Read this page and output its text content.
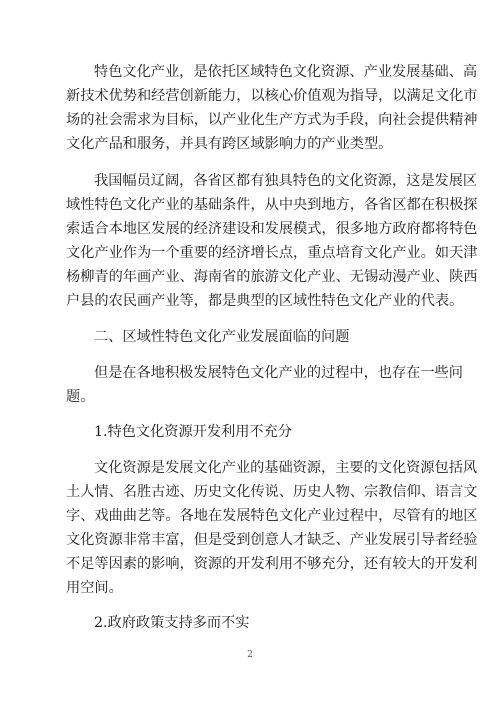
特色文化产业，是依托区域特色文化资源、产业发展基础、高
新技术优势和经营创新能力，以核心价值观为指导，以满足文化市
场的社会需求为目标，以产业化生产方式为手段，向社会提供精神
文化产品和服务，并具有跨区域影响力的产业类型。
我国幅员辽阔，各省区都有独具特色的文化资源，这是发展区
域性特色文化产业的基础条件，从中央到地方，各省区都在积极探
索适合本地区发展的经济建设和发展模式，很多地方政府都将特色
文化产业作为一个重要的经济增长点，重点培育文化产业。如天津
杨柳青的年画产业、海南省的旅游文化产业、无锡动漫产业、陕西
户县的农民画产业等，都是典型的区域性特色文化产业的代表。
二、区域性特色文化产业发展面临的问题
但是在各地积极发展特色文化产业的过程中，也存在一些问
题。
1.特色文化资源开发利用不充分
文化资源是发展文化产业的基础资源，主要的文化资源包括风
土人情、名胜古迹、历史文化传说、历史人物、宗教信仰、语言文
字、戏曲曲艺等。各地在发展特色文化产业过程中，尽管有的地区
文化资源非常丰富，但是受到创意人才缺乏、产业发展引导者经验
不足等因素的影响，资源的开发利用不够充分，还有较大的开发利
用空间。
2.政府政策支持多而不实
2
